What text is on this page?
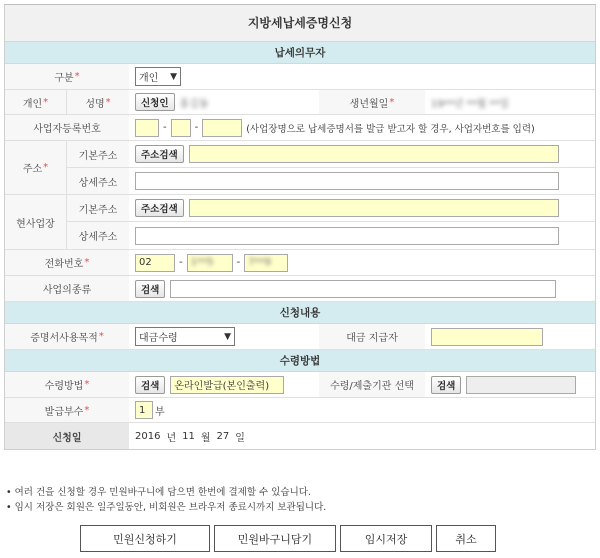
지방세납세증명신청
납세의무자
구분 *	개인 ▼
개인 *	성명 *	신청인	홍길동	생년월일 *	19**년 **월 **일
사업자등록번호	-	-	(사업장명으로 납세증명서를 발급 받고자 할 경우, 사업자번호를 입력)
주소 *
기본주소	주소검색
상세주소
현사업장
기본주소	주소검색
상세주소
전화번호 *	02	- 1**5 - 7**9
사업의종류	검색
신청내용
증명서사용목적 *	대금수령	▼	대금 지급자
수령방법
수령방법 *	검색	온라인발급(본인출력)	수령/제출기관 선택	검색
발급부수 *	1 부
신청일	2016 년 11 월 27 일
• 여러 건을 신청할 경우 민원바구니에 담으면 한번에 결제할 수 있습니다.
• 임시 저장은 회원은 일주일동안, 비회원은 브라우저 종료시까지 보관됩니다.
민원신청하기	민원바구니담기	임시저장	취소
